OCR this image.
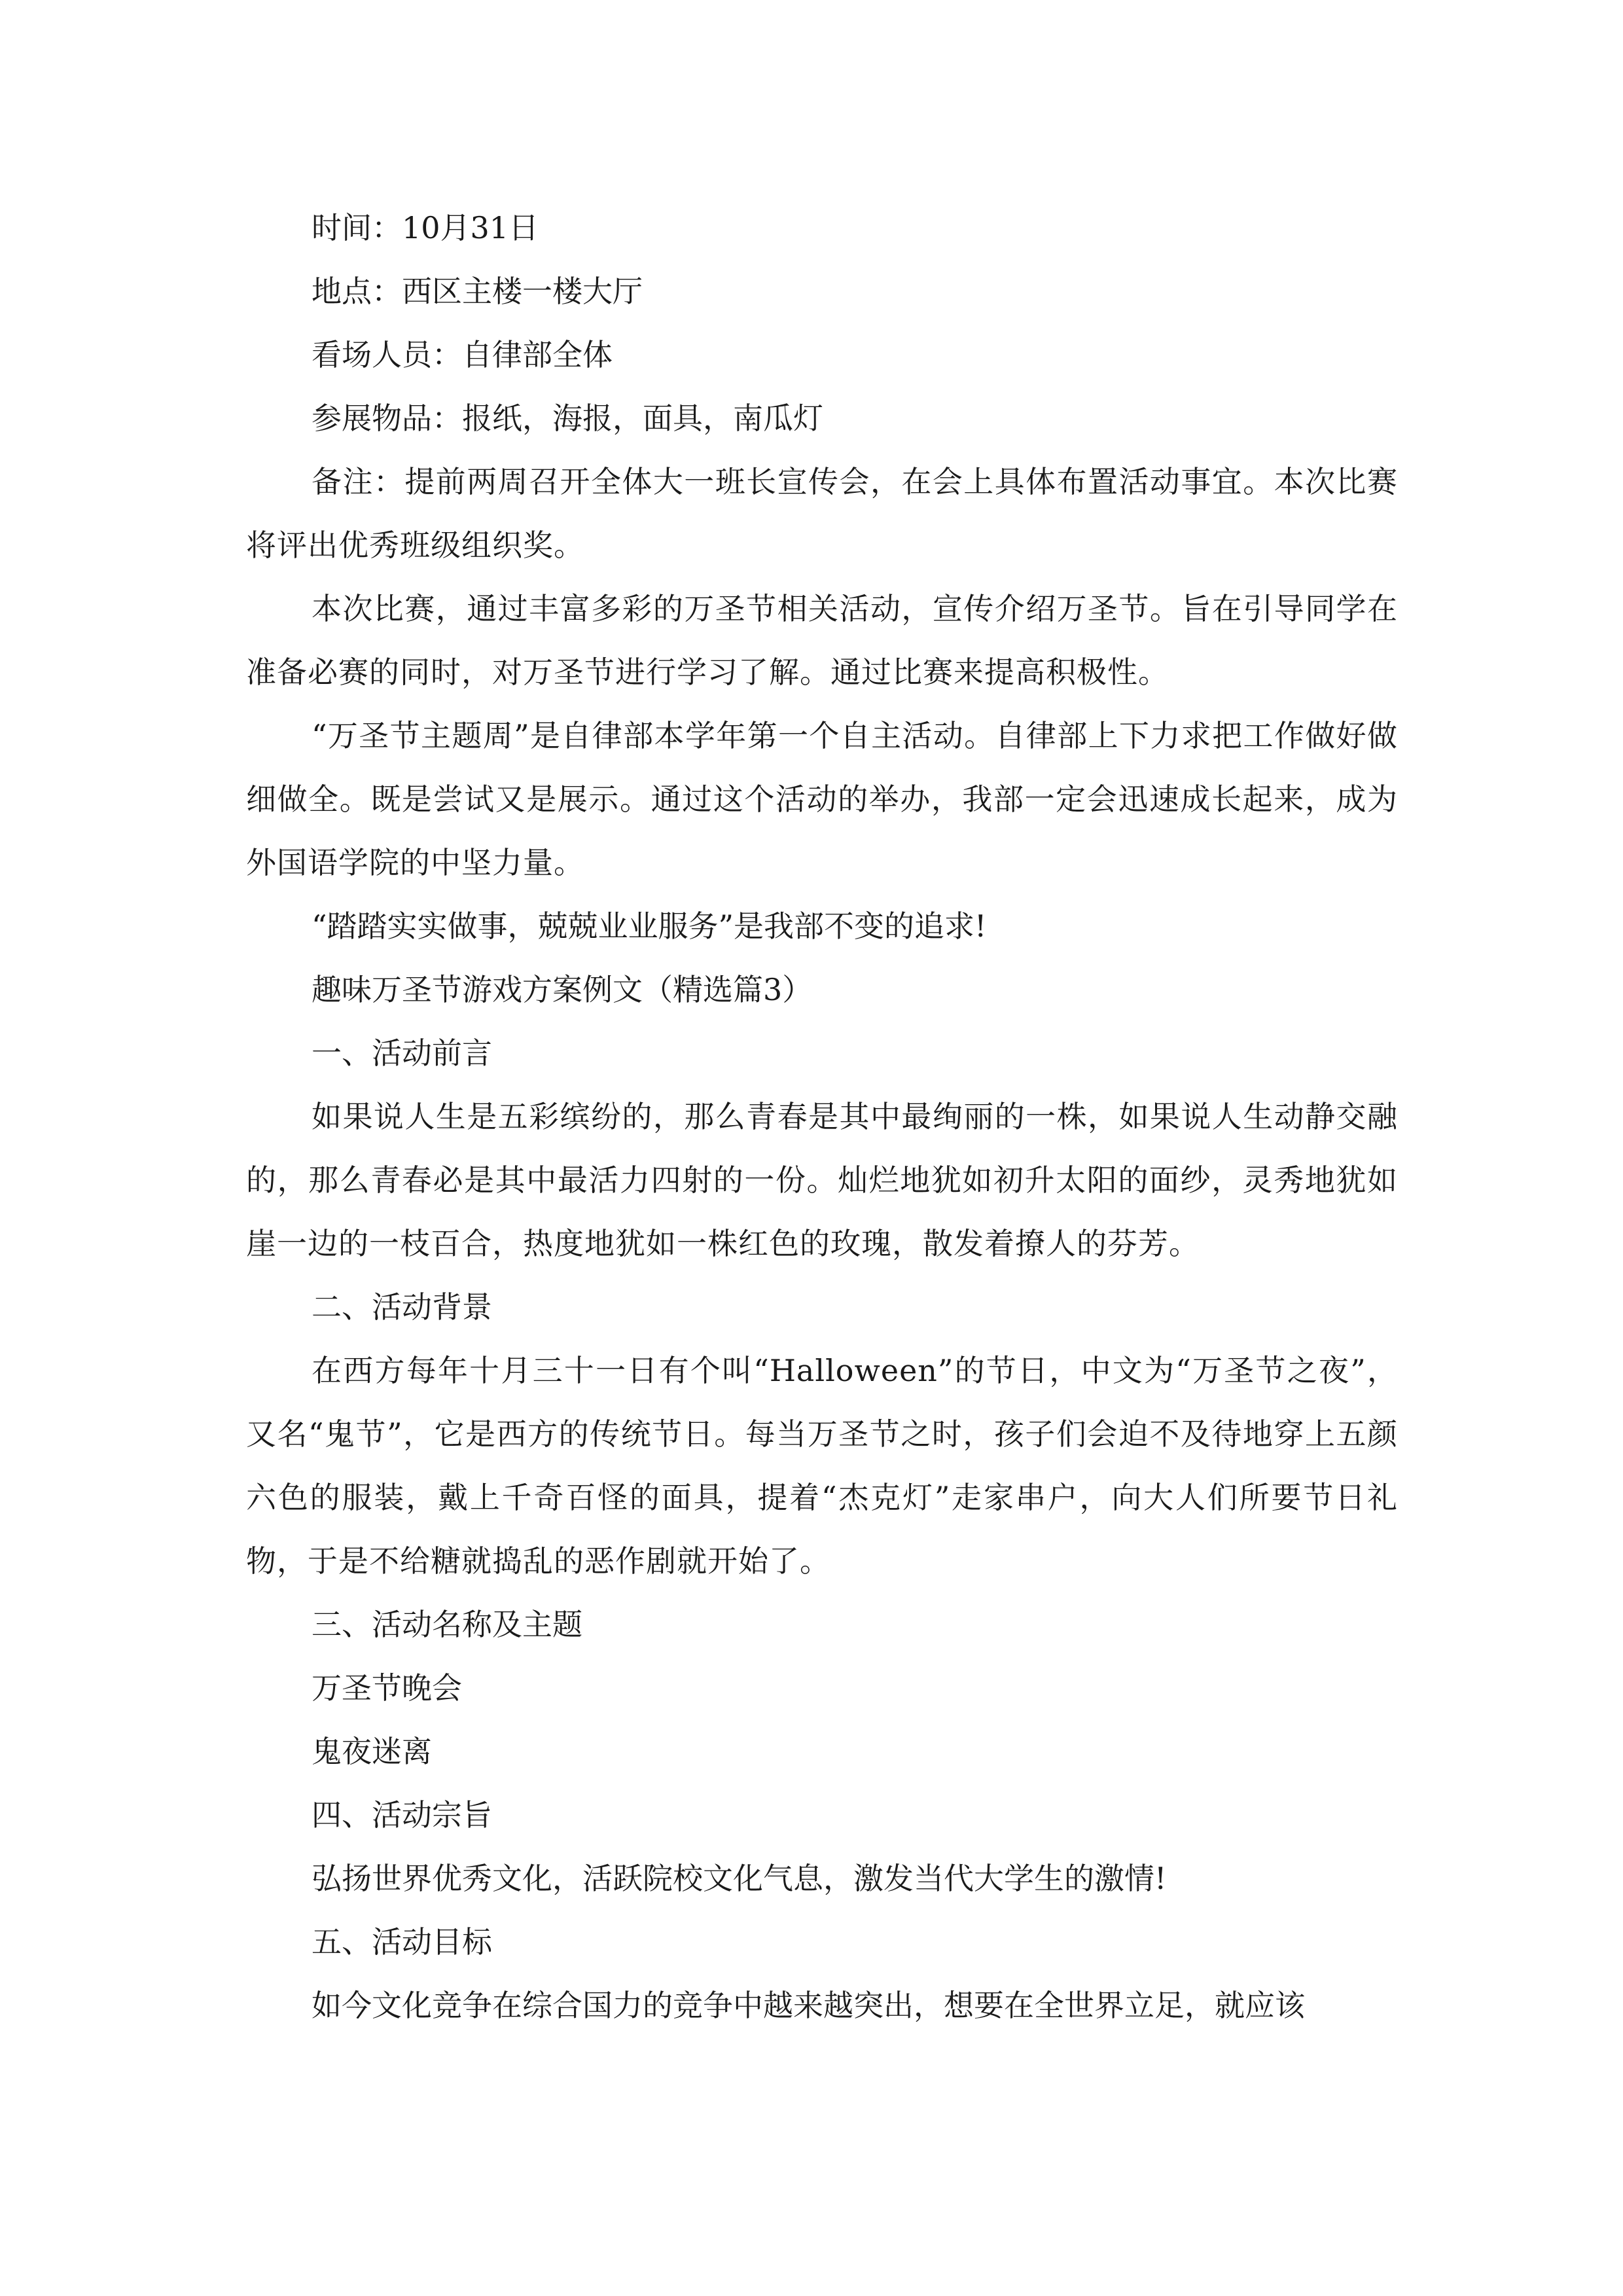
时间：10月31日

地点：西区主楼一楼大厅

看场人员：自律部全体

参展物品：报纸，海报，面具，南瓜灯

备注：提前两周召开全体大一班长宣传会，在会上具体布置活动事宜。本次比赛将评出优秀班级组织奖。

本次比赛，通过丰富多彩的万圣节相关活动，宣传介绍万圣节。旨在引导同学在准备必赛的同时，对万圣节进行学习了解。通过比赛来提高积极性。

“万圣节主题周”是自律部本学年第一个自主活动。自律部上下力求把工作做好做细做全。既是尝试又是展示。通过这个活动的举办，我部一定会迅速成长起来，成为外国语学院的中坚力量。

“踏踏实实做事，兢兢业业服务”是我部不变的追求!

趣味万圣节游戏方案例文（精选篇3）

一、活动前言

如果说人生是五彩缤纷的，那么青春是其中最绚丽的一株，如果说人生动静交融的，那么青春必是其中最活力四射的一份。灿烂地犹如初升太阳的面纱，灵秀地犹如崖一边的一枝百合，热度地犹如一株红色的玫瑰，散发着撩人的芬芳。

二、活动背景

在西方每年十月三十一日有个叫“Halloween”的节日，中文为“万圣节之夜”，又名“鬼节”，它是西方的传统节日。每当万圣节之时，孩子们会迫不及待地穿上五颜六色的服装，戴上千奇百怪的面具，提着“杰克灯”走家串户，向大人们所要节日礼物，于是不给糖就捣乱的恶作剧就开始了。

三、活动名称及主题

万圣节晚会

鬼夜迷离

四、活动宗旨

弘扬世界优秀文化，活跃院校文化气息，激发当代大学生的激情!

五、活动目标

如今文化竞争在综合国力的竞争中越来越突出，想要在全世界立足，就应该
